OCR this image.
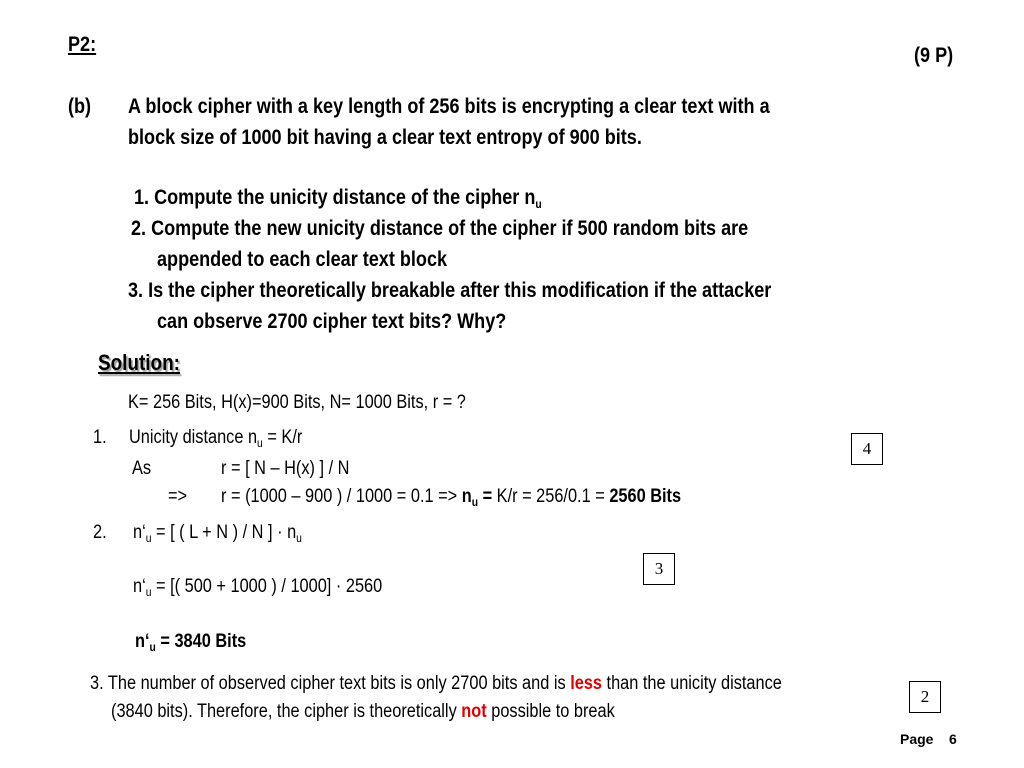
P2:	(9 P)
(b) A block cipher with a key length of 256 bits is encrypting a clear text with a
block size of 1000 bit having a clear text entropy of 900 bits.
1. Compute the unicity distance of the cipher $n_u$
2. Compute the new unicity distance of the cipher if 500 random bits are
appended to each clear text block
3. Is the cipher theoretically breakable after this modification if the attacker
can observe 2700 cipher text bits? Why?
Solution:
K= 256 Bits, H(x)=900 Bits, N= 1000 Bits, r = ?
1. Unicity distance $n_u = K/r$
As	r = [ N – H(x) ] / N
=> r = (1000 – 900 ) / $1000 = 0.1 => n_u = K/r = 256/0.1 = 2560$ Bits
4
2. $n‘_u$ = [ ( L + N ) / N ] · $n_u$
3
$n‘_u$ = [( 500 + 1000 ) / 1000] · 2560
$n‘_u = 3840$ Bits
3. The number of observed cipher text bits is only 2700 bits and is less than the unicity distance
(3840 bits). Therefore, the cipher is theoretically not possible to break
2
Page 6
